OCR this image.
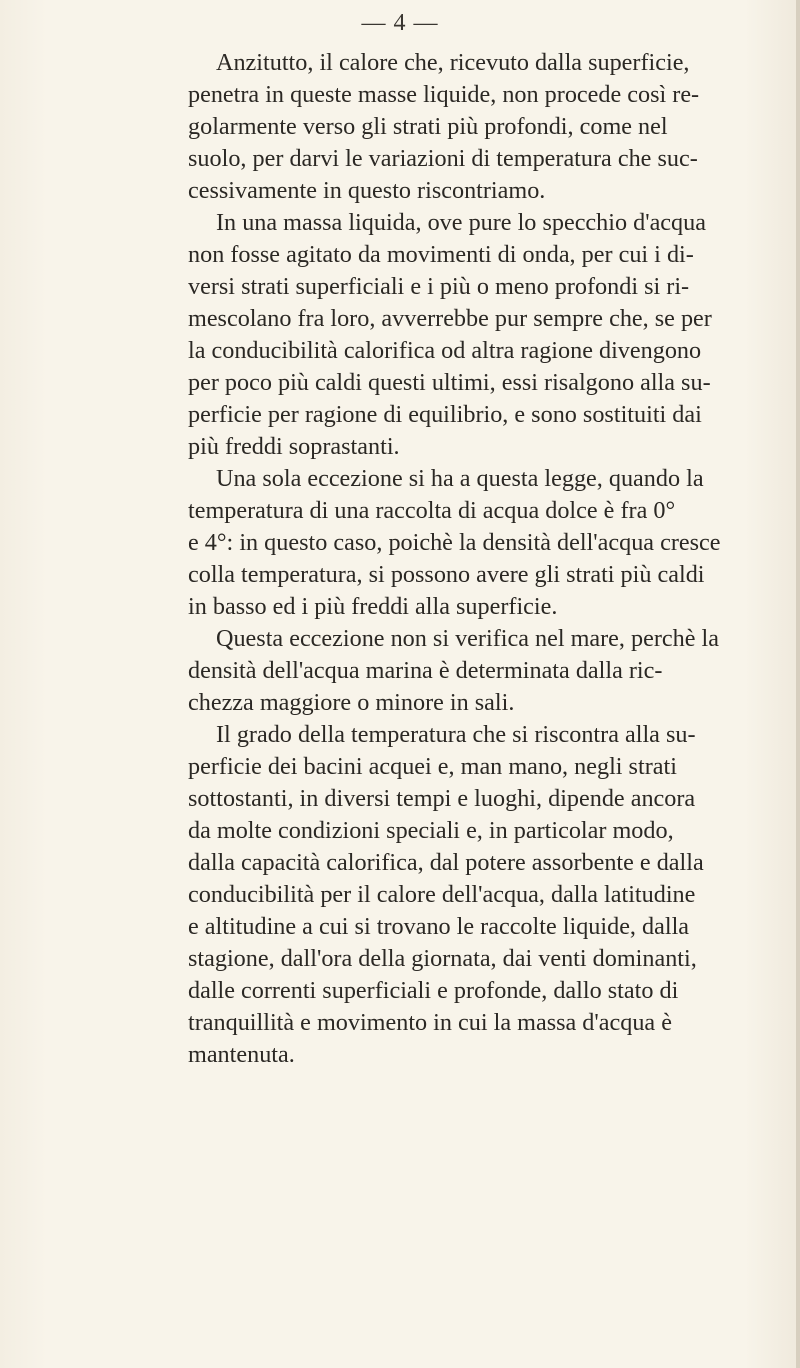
— 4 —
Anzitutto, il calore che, ricevuto dalla superficie,
penetra in queste masse liquide, non procede così re-
golarmente verso gli strati più profondi, come nel
suolo, per darvi le variazioni di temperatura che suc-
cessivamente in questo riscontriamo.
In una massa liquida, ove pure lo specchio d'acqua
non fosse agitato da movimenti di onda, per cui i di-
versi strati superficiali e i più o meno profondi si ri-
mescolano fra loro, avverrebbe pur sempre che, se per
la conducibilità calorifica od altra ragione divengono
per poco più caldi questi ultimi, essi risalgono alla su-
perficie per ragione di equilibrio, e sono sostituiti dai
più freddi soprastanti.
Una sola eccezione si ha a questa legge, quando la
temperatura di una raccolta di acqua dolce è fra 0°
e 4°: in questo caso, poichè la densità dell'acqua cresce
colla temperatura, si possono avere gli strati più caldi
in basso ed i più freddi alla superficie.
Questa eccezione non si verifica nel mare, perchè la
densità dell'acqua marina è determinata dalla ric-
chezza maggiore o minore in sali.
Il grado della temperatura che si riscontra alla su-
perficie dei bacini acquei e, man mano, negli strati
sottostanti, in diversi tempi e luoghi, dipende ancora
da molte condizioni speciali e, in particolar modo,
dalla capacità calorifica, dal potere assorbente e dalla
conducibilità per il calore dell'acqua, dalla latitudine
e altitudine a cui si trovano le raccolte liquide, dalla
stagione, dall'ora della giornata, dai venti dominanti,
dalle correnti superficiali e profonde, dallo stato di
tranquillità e movimento in cui la massa d'acqua è
mantenuta.
